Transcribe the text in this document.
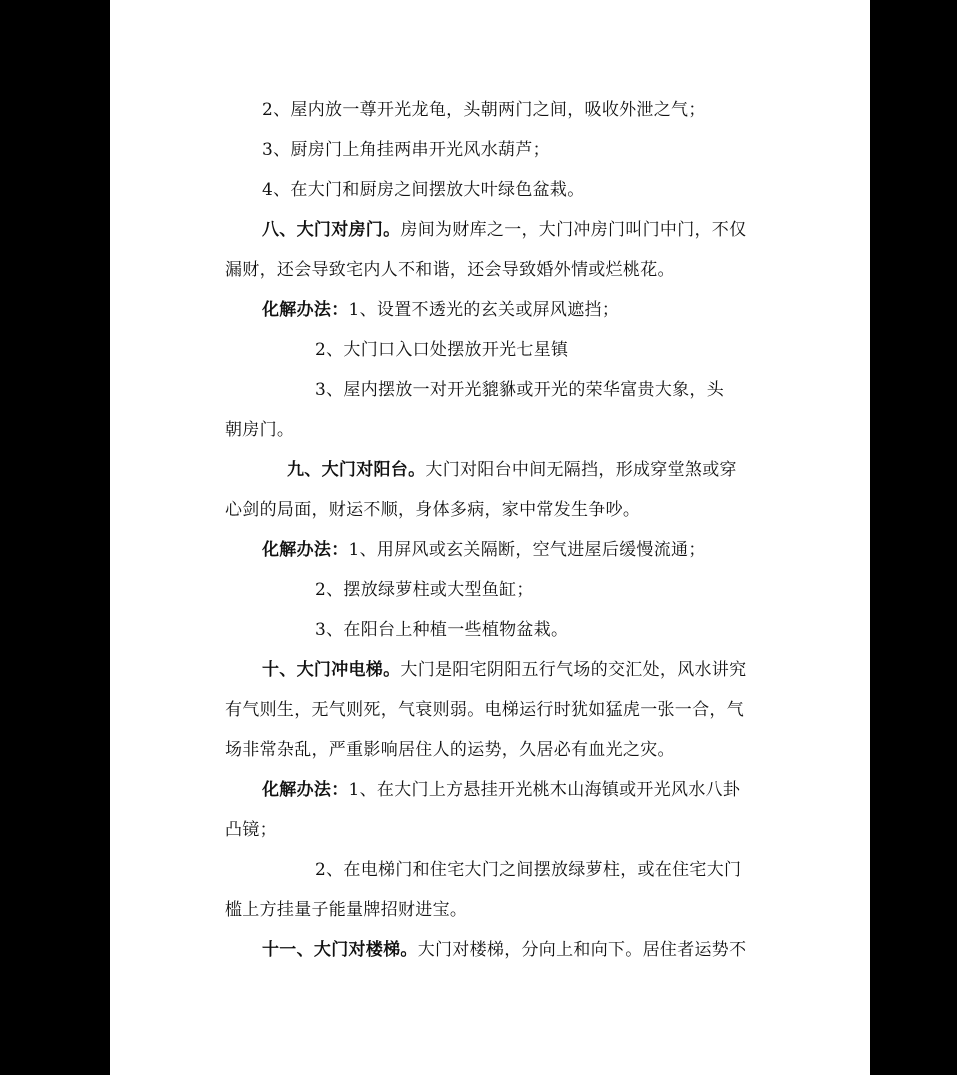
2、屋内放一尊开光龙龟，头朝两门之间，吸收外泄之气；
3、厨房门上角挂两串开光风水葫芦；
4、在大门和厨房之间摆放大叶绿色盆栽。
八、大门对房门。房间为财库之一，大门冲房门叫门中门，不仅
漏财，还会导致宅内人不和谐，还会导致婚外情或烂桃花。
化解办法：1、设置不透光的玄关或屏风遮挡；
2、大门口入口处摆放开光七星镇
3、屋内摆放一对开光貔貅或开光的荣华富贵大象，头
朝房门。
九、大门对阳台。大门对阳台中间无隔挡，形成穿堂煞或穿
心剑的局面，财运不顺，身体多病，家中常发生争吵。
化解办法：1、用屏风或玄关隔断，空气进屋后缓慢流通；
2、摆放绿萝柱或大型鱼缸；
3、在阳台上种植一些植物盆栽。
十、大门冲电梯。大门是阳宅阴阳五行气场的交汇处，风水讲究
有气则生，无气则死，气衰则弱。电梯运行时犹如猛虎一张一合，气
场非常杂乱，严重影响居住人的运势，久居必有血光之灾。
化解办法：1、在大门上方悬挂开光桃木山海镇或开光风水八卦
凸镜；
2、在电梯门和住宅大门之间摆放绿萝柱，或在住宅大门
槛上方挂量子能量牌招财进宝。
十一、大门对楼梯。大门对楼梯，分向上和向下。居住者运势不
